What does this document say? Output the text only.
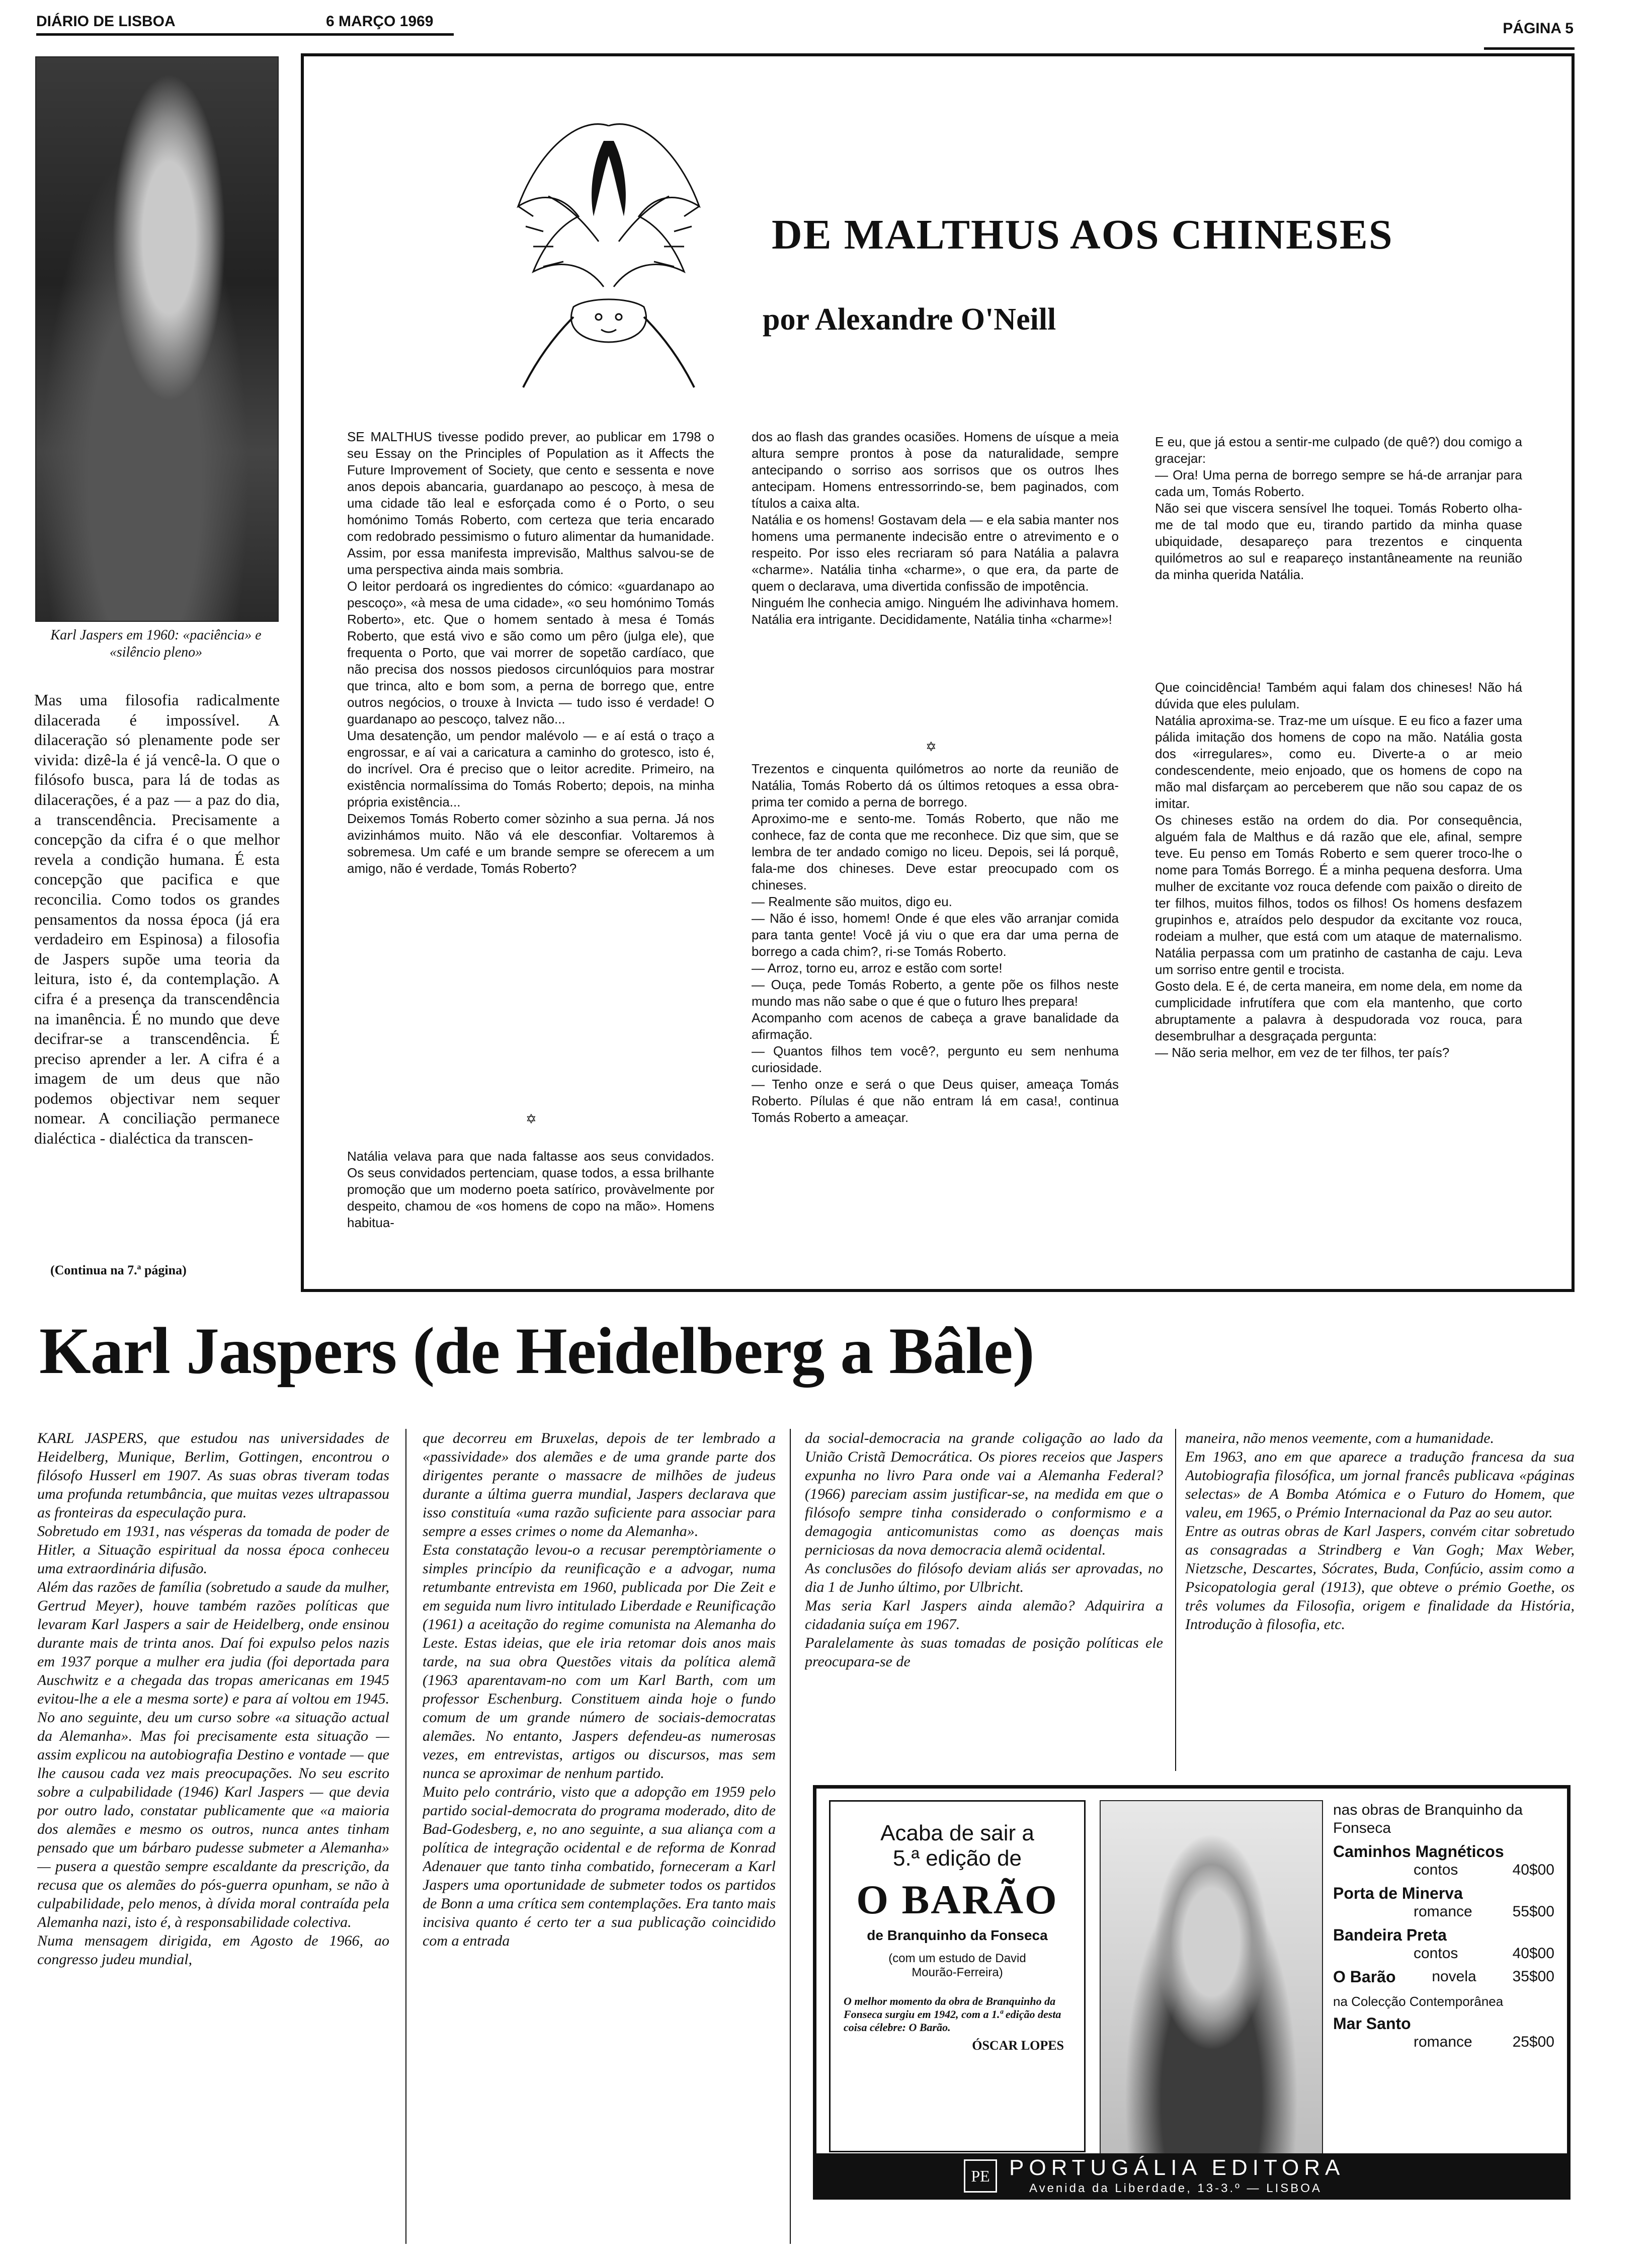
DIÁRIO DE LISBOA	6 MARÇO 1969	PÁGINA 5
Karl Jaspers em 1960: «paciência» e «silêncio pleno»
Mas uma filosofia radicalmente dilacerada é impossível. A dilaceração só plenamente pode ser vivida: dizê-la é já vencê-la. O que o filósofo busca, para lá de todas as dilacerações, é a paz — a paz do dia, a transcendência. Precisamente a concepção da cifra é o que melhor revela a condição humana. É esta concepção que pacifica e que reconcilia. Como todos os grandes pensamentos da nossa época (já era verdadeiro em Espinosa) a filosofia de Jaspers supõe uma teoria da leitura, isto é, da contemplação. A cifra é a presença da transcendência na imanência. É no mundo que deve decifrar-se a transcendência. É preciso aprender a ler. A cifra é a imagem de um deus que não podemos objectivar nem sequer nomear. A conciliação permanece dialéctica - dialéctica da transcen-
(Continua na 7.ª página)
DE MALTHUS AOS CHINESES
por Alexandre O'Neill
SE MALTHUS tivesse podido prever, ao publicar em 1798 o seu Essay on the Principles of Population as it Affects the Future Improvement of Society, que cento e sessenta e nove anos depois abancaria, guardanapo ao pescoço, à mesa de uma cidade tão leal e esforçada como é o Porto, o seu homónimo Tomás Roberto, com certeza que teria encarado com redobrado pessimismo o futuro alimentar da humanidade. Assim, por essa manifesta imprevisão, Malthus salvou-se de uma perspectiva ainda mais sombria.
O leitor perdoará os ingredientes do cómico: «guardanapo ao pescoço», «à mesa de uma cidade», «o seu homónimo Tomás Roberto», etc. Que o homem sentado à mesa é Tomás Roberto, que está vivo e são como um pêro (julga ele), que frequenta o Porto, que vai morrer de sopetão cardíaco, que não precisa dos nossos piedosos circunlóquios para mostrar que trinca, alto e bom som, a perna de borrego que, entre outros negócios, o trouxe à Invicta — tudo isso é verdade! O guardanapo ao pescoço, talvez não...
Uma desatenção, um pendor malévolo — e aí está o traço a engrossar, e aí vai a caricatura a caminho do grotesco, isto é, do incrível. Ora é preciso que o leitor acredite. Primeiro, na existência normalíssima do Tomás Roberto; depois, na minha própria existência...
Deixemos Tomás Roberto comer sòzinho a sua perna. Já nos avizinhámos muito. Não vá ele desconfiar. Voltaremos à sobremesa. Um café e um brande sempre se oferecem a um amigo, não é verdade, Tomás Roberto?
✡
Natália velava para que nada faltasse aos seus convidados. Os seus convidados pertenciam, quase todos, a essa brilhante promoção que um moderno poeta satírico, provàvelmente por despeito, chamou de «os homens de copo na mão». Homens habitua-
dos ao flash das grandes ocasiões. Homens de uísque a meia altura sempre prontos à pose da naturalidade, sempre antecipando o sorriso aos sorrisos que os outros lhes antecipam. Homens entressorrindo-se, bem paginados, com títulos a caixa alta.
Natália e os homens! Gostavam dela — e ela sabia manter nos homens uma permanente indecisão entre o atrevimento e o respeito. Por isso eles recriaram só para Natália a palavra «charme». Natália tinha «charme», o que era, da parte de quem o declarava, uma divertida confissão de impotência.
Ninguém lhe conhecia amigo. Ninguém lhe adivinhava homem. Natália era intrigante. Decididamente, Natália tinha «charme»!
✡
Trezentos e cinquenta quilómetros ao norte da reunião de Natália, Tomás Roberto dá os últimos retoques a essa obra-prima ter comido a perna de borrego.
Aproximo-me e sento-me. Tomás Roberto, que não me conhece, faz de conta que me reconhece. Diz que sim, que se lembra de ter andado comigo no liceu. Depois, sei lá porquê, fala-me dos chineses. Deve estar preocupado com os chineses.
— Realmente são muitos, digo eu.
— Não é isso, homem! Onde é que eles vão arranjar comida para tanta gente! Você já viu o que era dar uma perna de borrego a cada chim?, ri-se Tomás Roberto.
— Arroz, torno eu, arroz e estão com sorte!
— Ouça, pede Tomás Roberto, a gente põe os filhos neste mundo mas não sabe o que é que o futuro lhes prepara!
Acompanho com acenos de cabeça a grave banalidade da afirmação.
— Quantos filhos tem você?, pergunto eu sem nenhuma curiosidade.
— Tenho onze e será o que Deus quiser, ameaça Tomás Roberto. Pílulas é que não entram lá em casa!, continua Tomás Roberto a ameaçar.
E eu, que já estou a sentir-me culpado (de quê?) dou comigo a gracejar:
— Ora! Uma perna de borrego sempre se há-de arranjar para cada um, Tomás Roberto.
Não sei que viscera sensível lhe toquei. Tomás Roberto olha-me de tal modo que eu, tirando partido da minha quase ubiquidade, desapareço para trezentos e cinquenta quilómetros ao sul e reapareço instantâneamente na reunião da minha querida Natália.
Que coincidência! Também aqui falam dos chineses! Não há dúvida que eles pululam.
Natália aproxima-se. Traz-me um uísque. E eu fico a fazer uma pálida imitação dos homens de copo na mão. Natália gosta dos «irregulares», como eu. Diverte-a o ar meio condescendente, meio enjoado, que os homens de copo na mão mal disfarçam ao perceberem que não sou capaz de os imitar.
Os chineses estão na ordem do dia. Por consequência, alguém fala de Malthus e dá razão que ele, afinal, sempre teve. Eu penso em Tomás Roberto e sem querer troco-lhe o nome para Tomás Borrego. É a minha pequena desforra. Uma mulher de excitante voz rouca defende com paixão o direito de ter filhos, muitos filhos, todos os filhos! Os homens desfazem grupinhos e, atraídos pelo despudor da excitante voz rouca, rodeiam a mulher, que está com um ataque de maternalismo. Natália perpassa com um pratinho de castanha de caju. Leva um sorriso entre gentil e trocista.
Gosto dela. E é, de certa maneira, em nome dela, em nome da cumplicidade infrutífera que com ela mantenho, que corto abruptamente a palavra à despudorada voz rouca, para desembrulhar a desgraçada pergunta:
— Não seria melhor, em vez de ter filhos, ter país?
Karl Jaspers (de Heidelberg a Bâle)
KARL JASPERS, que estudou nas universidades de Heidelberg, Munique, Berlim, Gottingen, encontrou o filósofo Husserl em 1907. As suas obras tiveram todas uma profunda retumbância, que muitas vezes ultrapassou as fronteiras da especulação pura.
Sobretudo em 1931, nas vésperas da tomada de poder de Hitler, a Situação espiritual da nossa época conheceu uma extraordinária difusão.
Além das razões de família (sobretudo a saude da mulher, Gertrud Meyer), houve também razões políticas que levaram Karl Jaspers a sair de Heidelberg, onde ensinou durante mais de trinta anos. Daí foi expulso pelos nazis em 1937 porque a mulher era judia (foi deportada para Auschwitz e a chegada das tropas americanas em 1945 evitou-lhe a ele a mesma sorte) e para aí voltou em 1945. No ano seguinte, deu um curso sobre «a situação actual da Alemanha». Mas foi precisamente esta situação — assim explicou na autobiografia Destino e vontade — que lhe causou cada vez mais preocupações. No seu escrito sobre a culpabilidade (1946) Karl Jaspers — que devia por outro lado, constatar publicamente que «a maioria dos alemães e mesmo os outros, nunca antes tinham pensado que um bárbaro pudesse submeter a Alemanha» — pusera a questão sempre escaldante da prescrição, da recusa que os alemães do pós-guerra opunham, se não à culpabilidade, pelo menos, à dívida moral contraída pela Alemanha nazi, isto é, à responsabilidade colectiva.
Numa mensagem dirigida, em Agosto de 1966, ao congresso judeu mundial,
que decorreu em Bruxelas, depois de ter lembrado a «passividade» dos alemães e de uma grande parte dos dirigentes perante o massacre de milhões de judeus durante a última guerra mundial, Jaspers declarava que isso constituía «uma razão suficiente para associar para sempre a esses crimes o nome da Alemanha».
Esta constatação levou-o a recusar peremptòriamente o simples princípio da reunificação e a advogar, numa retumbante entrevista em 1960, publicada por Die Zeit e em seguida num livro intitulado Liberdade e Reunificação (1961) a aceitação do regime comunista na Alemanha do Leste. Estas ideias, que ele iria retomar dois anos mais tarde, na sua obra Questões vitais da política alemã (1963 aparentavam-no com um Karl Barth, com um professor Eschenburg. Constituem ainda hoje o fundo comum de um grande número de sociais-democratas alemães. No entanto, Jaspers defendeu-as numerosas vezes, em entrevistas, artigos ou discursos, mas sem nunca se aproximar de nenhum partido.
Muito pelo contrário, visto que a adopção em 1959 pelo partido social-democrata do programa moderado, dito de Bad-Godesberg, e, no ano seguinte, a sua aliança com a política de integração ocidental e de reforma de Konrad Adenauer que tanto tinha combatido, forneceram a Karl Jaspers uma oportunidade de submeter todos os partidos de Bonn a uma crítica sem contemplações. Era tanto mais incisiva quanto é certo ter a sua publicação coincidido com a entrada
da social-democracia na grande coligação ao lado da União Cristã Democrática. Os piores receios que Jaspers expunha no livro Para onde vai a Alemanha Federal? (1966) pareciam assim justificar-se, na medida em que o filósofo sempre tinha considerado o conformismo e a demagogia anticomunistas como as doenças mais perniciosas da nova democracia alemã ocidental.
As conclusões do filósofo deviam aliás ser aprovadas, no dia 1 de Junho último, por Ulbricht.
Mas seria Karl Jaspers ainda alemão? Adquirira a cidadania suíça em 1967.
Paralelamente às suas tomadas de posição políticas ele preocupara-se de
maneira, não menos veemente, com a humanidade.
Em 1963, ano em que aparece a tradução francesa da sua Autobiografia filosófica, um jornal francês publicava «páginas selectas» de A Bomba Atómica e o Futuro do Homem, que valeu, em 1965, o Prémio Internacional da Paz ao seu autor.
Entre as outras obras de Karl Jaspers, convém citar sobretudo as consagradas a Strindberg e Van Gogh; Max Weber, Nietzsche, Descartes, Sócrates, Buda, Confúcio, assim como a Psicopatologia geral (1913), que obteve o prémio Goethe, os três volumes da Filosofia, origem e finalidade da História, Introdução à filosofia, etc.
Acaba de sair a
5.ª edição de
O BARÃO
de Branquinho da Fonseca
(com um estudo de David Mourão-Ferreira)
O melhor momento da obra de Branquinho da Fonseca surgiu em 1942, com a 1.ª edição desta coisa célebre: O Barão.
ÓSCAR LOPES
nas obras de Branquinho da Fonseca
Caminhos Magnéticos
contos	40$00
Porta de Minerva
romance	55$00
Bandeira Preta
contos	40$00
O Barão novela 35$00
na Colecção Contemporânea
Mar Santo
romance	25$00
PE PORTUGÁLIA EDITORA
Avenida da Liberdade, 13-3.º — LISBOA
